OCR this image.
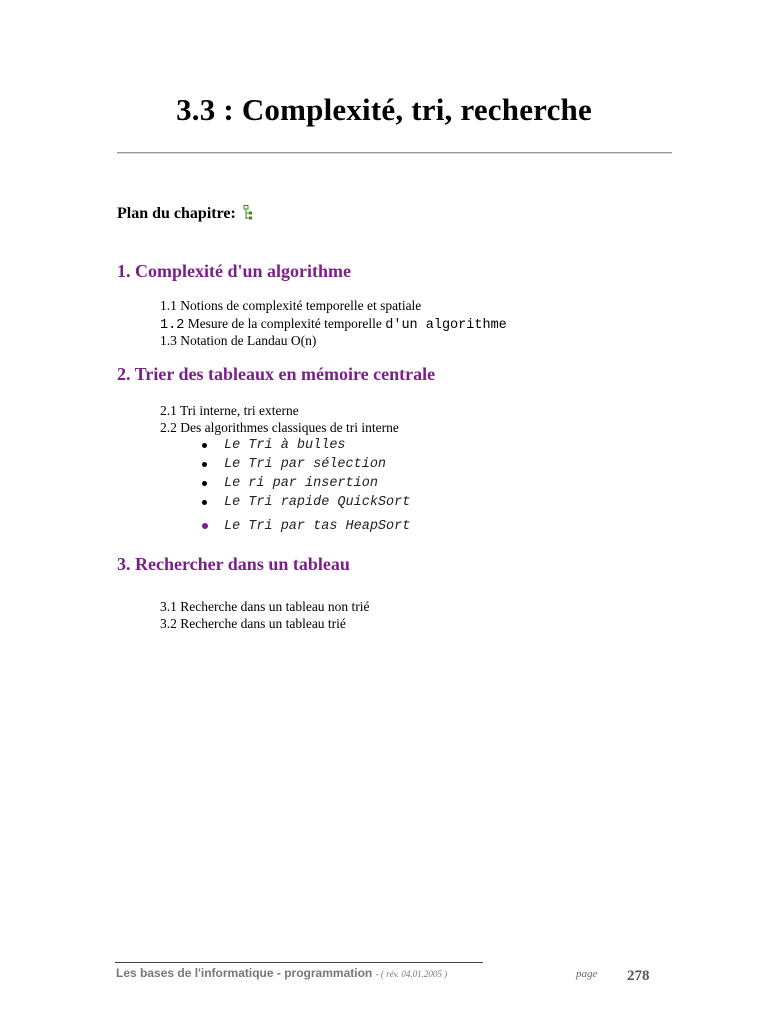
3.3 : Complexité, tri, recherche
Plan du chapitre:
1. Complexité d'un algorithme
1.1 Notions de complexité temporelle et spatiale
1.2 Mesure de la complexité temporelle d'un algorithme
1.3 Notation de Landau O(n)
2. Trier des tableaux en mémoire centrale
2.1 Tri interne, tri externe
2.2 Des algorithmes classiques de tri interne
Le Tri à bulles
Le Tri par sélection
Le ri par insertion
Le Tri rapide QuickSort
Le Tri par tas HeapSort
3. Rechercher dans un tableau
3.1 Recherche dans un tableau non trié
3.2 Recherche dans un tableau trié
Les bases de l'informatique - programmation - ( rév. 04.01.2005 )	page 278
